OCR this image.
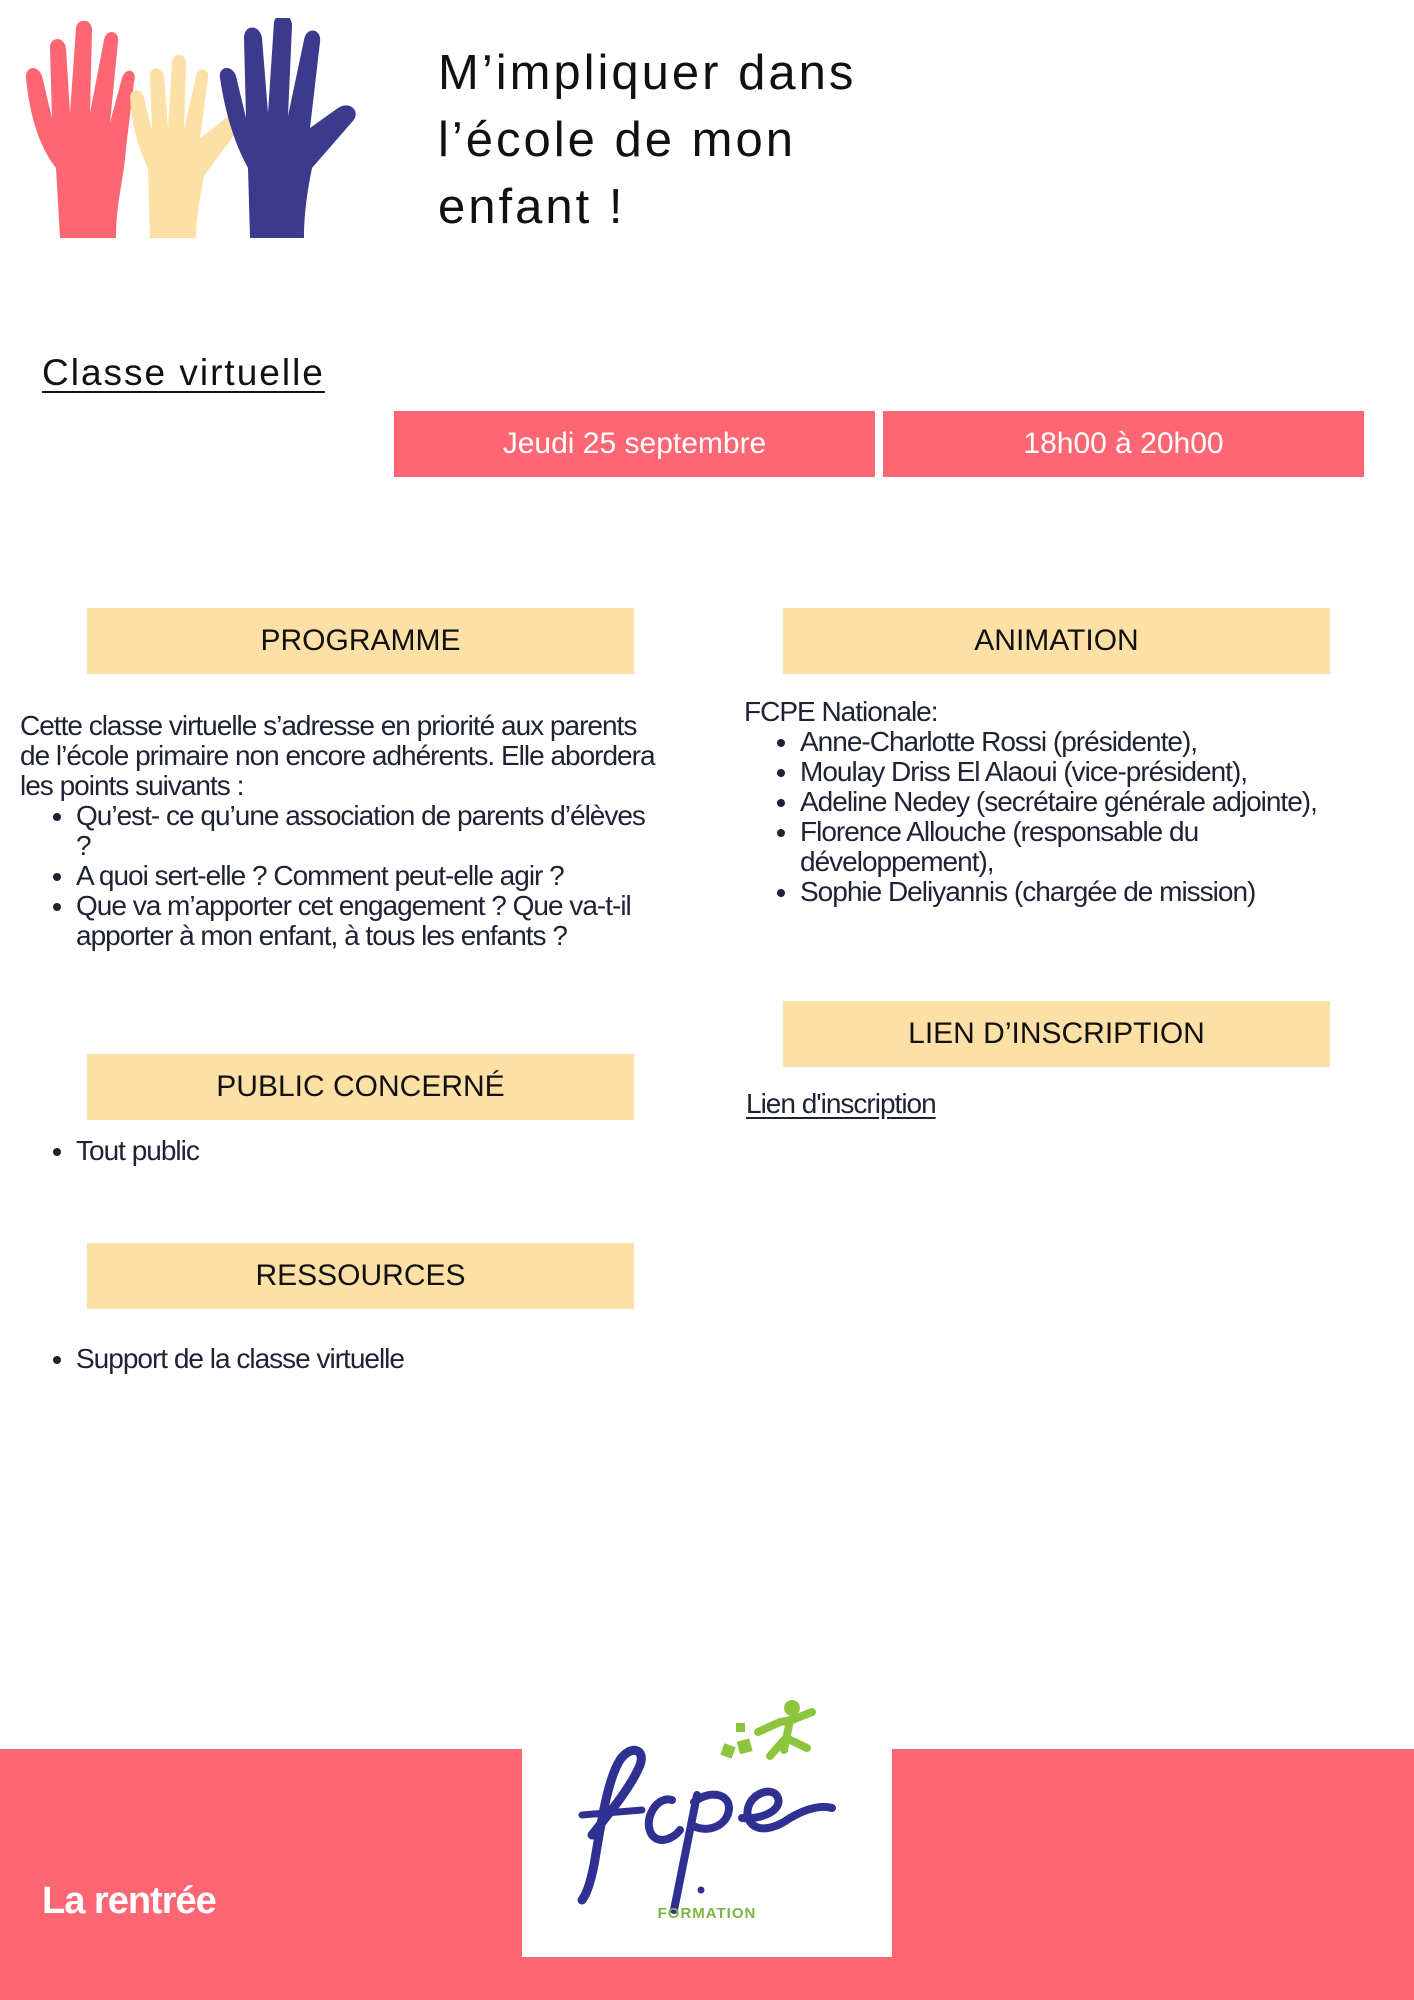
M’impliquer dans
l’école de mon
enfant !

Classe virtuelle

Jeudi 25 septembre	18h00 à 20h00
PROGRAMME
Cette classe virtuelle s’adresse en priorité aux parents de l’école primaire non encore adhérents. Elle abordera les points suivants :
• Qu’est- ce qu’une association de parents d’élèves ?
• A quoi sert-elle ? Comment peut-elle agir ?
• Que va m’apporter cet engagement ? Que va-t-il apporter à mon enfant, à tous les enfants ?
PUBLIC CONCERNÉ
• Tout public
RESSOURCES
• Support de la classe virtuelle
ANIMATION
FCPE Nationale:
• Anne-Charlotte Rossi (présidente),
• Moulay Driss El Alaoui (vice-président),
• Adeline Nedey (secrétaire générale adjointe),
• Florence Allouche (responsable du développement),
• Sophie Deliyannis (chargée de mission)
LIEN D’INSCRIPTION
Lien d'inscription
La rentrée	FORMATION
